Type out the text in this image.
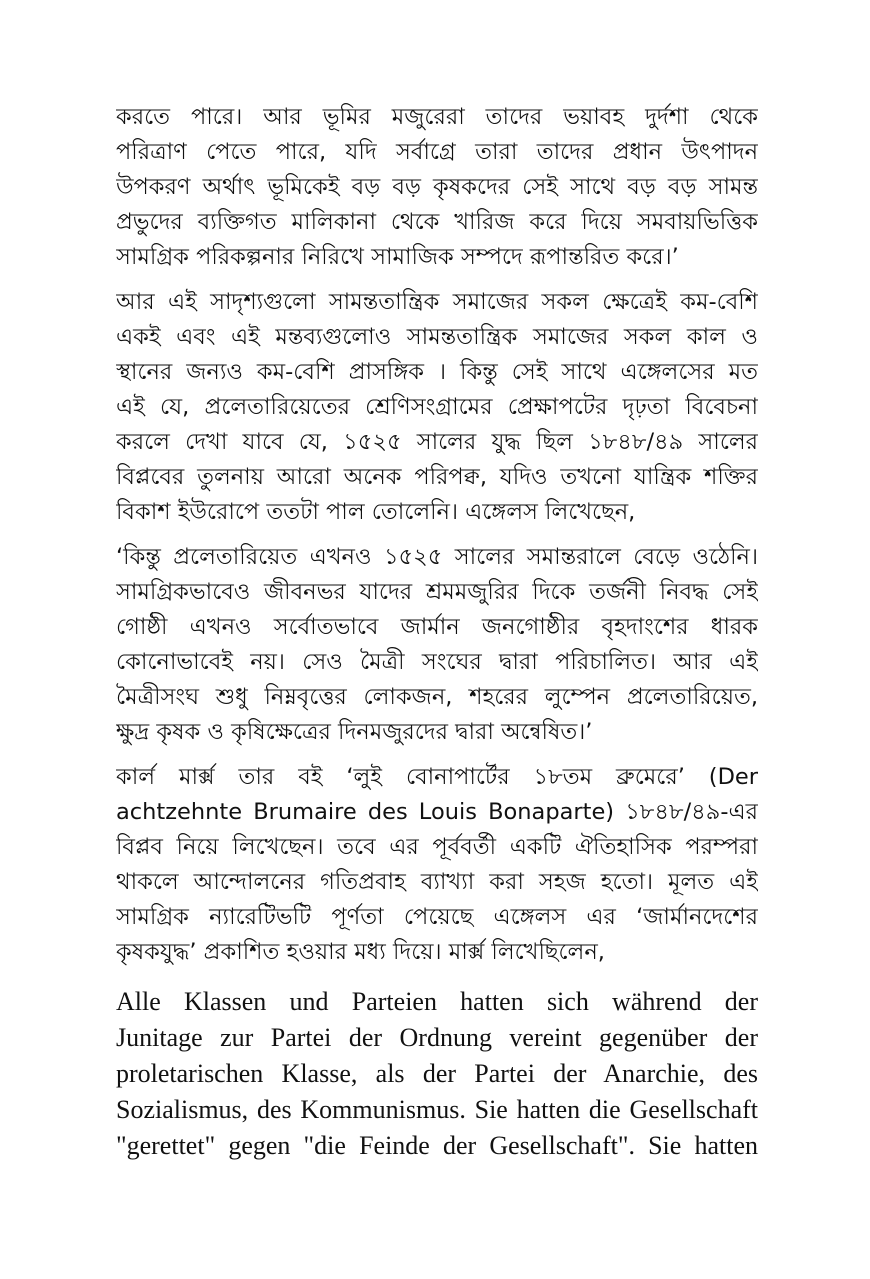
করতে পারে। আর ভূমির মজুরেরা তাদের ভয়াবহ দুর্দশা থেকে
পরিত্রাণ পেতে পারে, যদি সর্বাগ্রে তারা তাদের প্রধান উৎপাদন
উপকরণ অর্থাৎ ভূমিকেই বড় বড় কৃষকদের সেই সাথে বড় বড় সামন্ত
প্রভুদের ব্যক্তিগত মালিকানা থেকে খারিজ করে দিয়ে সমবায়ভিত্তিক
সামগ্রিক পরিকল্পনার নিরিখে সামাজিক সম্পদে রূপান্তরিত করে।’

আর এই সাদৃশ্যগুলো সামন্ততান্ত্রিক সমাজের সকল ক্ষেত্রেই কম-বেশি
একই এবং এই মন্তব্যগুলোও সামন্ততান্ত্রিক সমাজের সকল কাল ও
স্থানের জন্যও কম-বেশি প্রাসঙ্গিক । কিন্তু সেই সাথে এঙ্গেলসের মত
এই যে, প্রলেতারিয়েতের শ্রেণিসংগ্রামের প্রেক্ষাপটের দৃঢ়তা বিবেচনা
করলে দেখা যাবে যে, ১৫২৫ সালের যুদ্ধ ছিল ১৮৪৮/৪৯ সালের
বিপ্লবের তুলনায় আরো অনেক পরিপক্ব, যদিও তখনো যান্ত্রিক শক্তির
বিকাশ ইউরোপে ততটা পাল তোলেনি। এঙ্গেলস লিখেছেন,

‘কিন্তু প্রলেতারিয়েত এখনও ১৫২৫ সালের সমান্তরালে বেড়ে ওঠেনি।
সামগ্রিকভাবেও জীবনভর যাদের শ্রমমজুরির দিকে তর্জনী নিবদ্ধ সেই
গোষ্ঠী এখনও সর্বোতভাবে জার্মান জনগোষ্ঠীর বৃহদাংশের ধারক
কোনোভাবেই নয়। সেও মৈত্রী সংঘের দ্বারা পরিচালিত। আর এই
মৈত্রীসংঘ শুধু নিম্নবৃত্তের লোকজন, শহরের লুম্পেন প্রলেতারিয়েত,
ক্ষুদ্র কৃষক ও কৃষিক্ষেত্রের দিনমজুরদের দ্বারা অন্বেষিত।’

কার্ল মার্ক্স তার বই ‘লুই বোনাপার্টের ১৮তম ব্রুমেরে’ (Der
achtzehnte Brumaire des Louis Bonaparte) ১৮৪৮/৪৯-এর
বিপ্লব নিয়ে লিখেছেন। তবে এর পূর্ববর্তী একটি ঐতিহাসিক পরম্পরা
থাকলে আন্দোলনের গতিপ্রবাহ ব্যাখ্যা করা সহজ হতো। মূলত এই
সামগ্রিক ন্যারেটিভটি পূর্ণতা পেয়েছে এঙ্গেলস এর ‘জার্মানদেশের
কৃষকযুদ্ধ’ প্রকাশিত হওয়ার মধ্য দিয়ে। মার্ক্স লিখেছিলেন,

Alle Klassen und Parteien hatten sich während der
Junitage zur Partei der Ordnung vereint gegenüber der
proletarischen Klasse, als der Partei der Anarchie, des
Sozialismus, des Kommunismus. Sie hatten die Gesellschaft
"gerettet" gegen "die Feinde der Gesellschaft". Sie hatten
